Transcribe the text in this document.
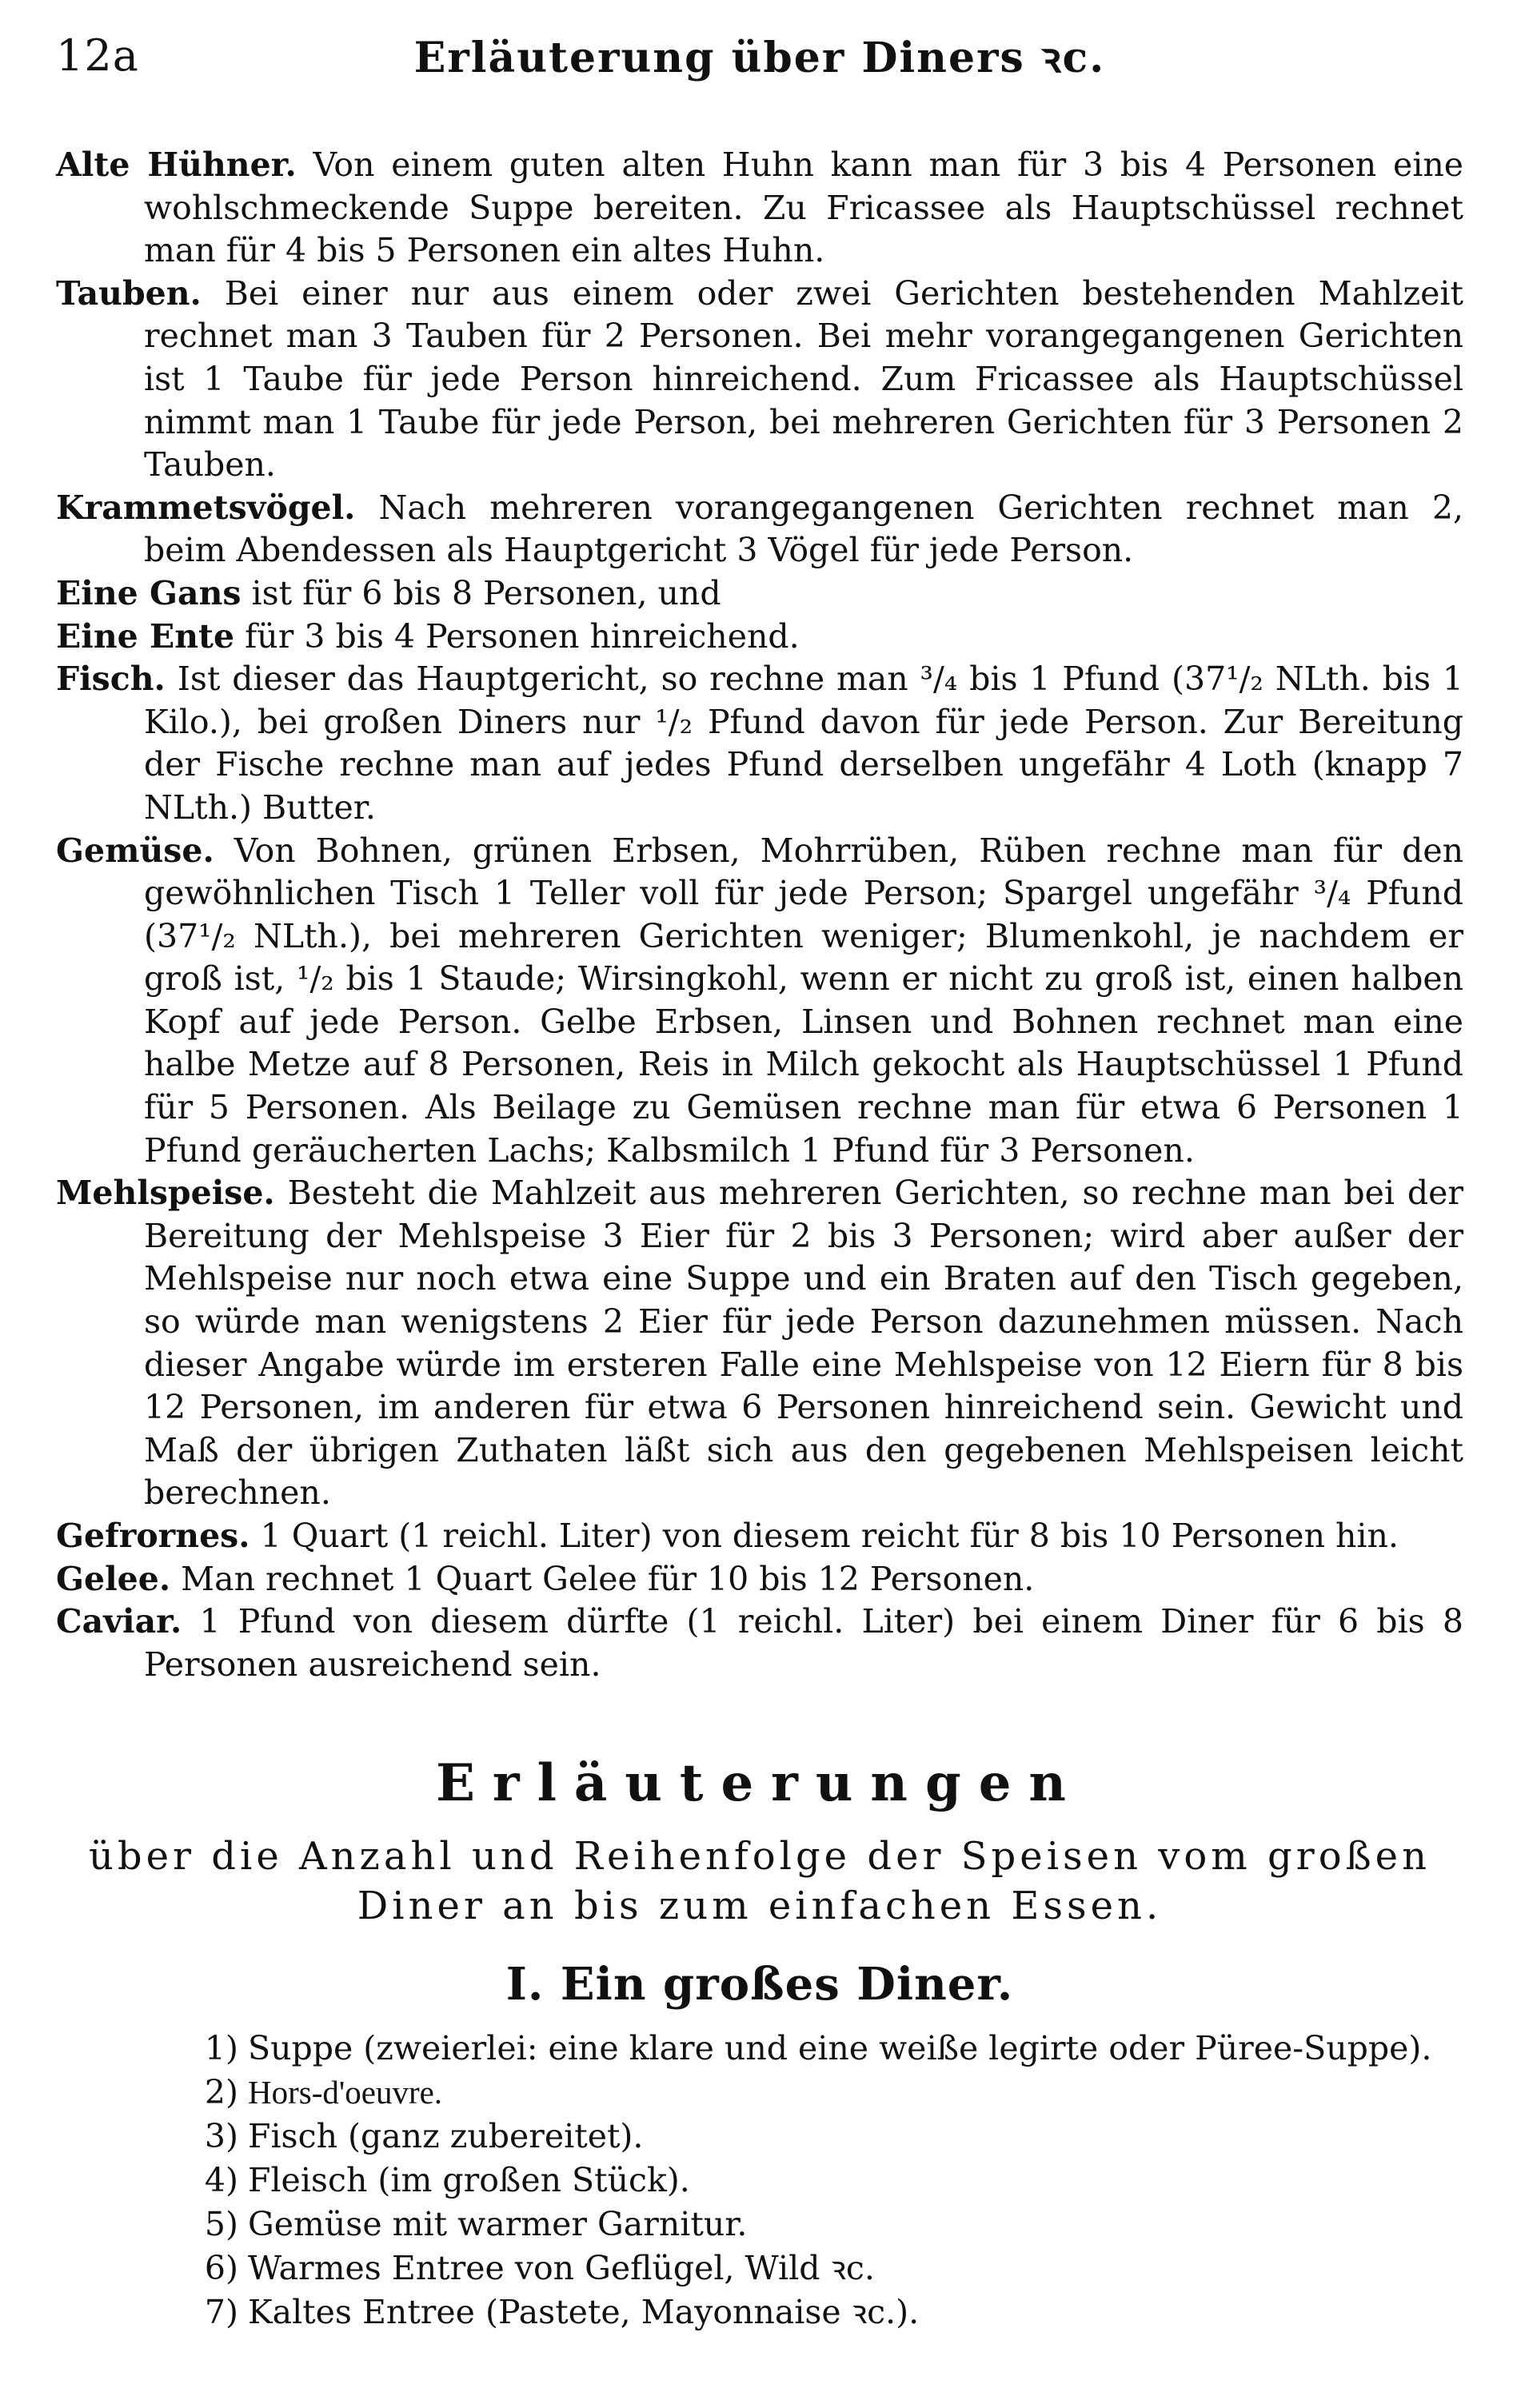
12a	Erläuterung über Diners ꝛc.

Alte Hühner. Von einem guten alten Huhn kann man für 3 bis 4 Personen eine wohlschmeckende Suppe bereiten. Zu Fricassee als Hauptschüssel rechnet man für 4 bis 5 Personen ein altes Huhn.

Tauben. Bei einer nur aus einem oder zwei Gerichten bestehenden Mahlzeit rechnet man 3 Tauben für 2 Personen. Bei mehr vorangegangenen Gerichten ist 1 Taube für jede Person hinreichend. Zum Fricassee als Hauptschüssel nimmt man 1 Taube für jede Person, bei mehreren Gerichten für 3 Personen 2 Tauben.

Krammetsvögel. Nach mehreren vorangegangenen Gerichten rechnet man 2, beim Abendessen als Hauptgericht 3 Vögel für jede Person.

Eine Gans ist für 6 bis 8 Personen, und

Eine Ente für 3 bis 4 Personen hinreichend.

Fisch. Ist dieser das Hauptgericht, so rechne man ³/₄ bis 1 Pfund (37¹/₂ NLth. bis 1 Kilo.), bei großen Diners nur ¹/₂ Pfund davon für jede Person. Zur Bereitung der Fische rechne man auf jedes Pfund derselben ungefähr 4 Loth (knapp 7 NLth.) Butter.

Gemüse. Von Bohnen, grünen Erbsen, Mohrrüben, Rüben rechne man für den gewöhnlichen Tisch 1 Teller voll für jede Person; Spargel ungefähr ³/₄ Pfund (37¹/₂ NLth.), bei mehreren Gerichten weniger; Blumenkohl, je nachdem er groß ist, ¹/₂ bis 1 Staude; Wirsingkohl, wenn er nicht zu groß ist, einen halben Kopf auf jede Person. Gelbe Erbsen, Linsen und Bohnen rechnet man eine halbe Metze auf 8 Personen, Reis in Milch gekocht als Hauptschüssel 1 Pfund für 5 Personen. Als Beilage zu Gemüsen rechne man für etwa 6 Personen 1 Pfund geräucherten Lachs; Kalbsmilch 1 Pfund für 3 Personen.

Mehlspeise. Besteht die Mahlzeit aus mehreren Gerichten, so rechne man bei der Bereitung der Mehlspeise 3 Eier für 2 bis 3 Personen; wird aber außer der Mehlspeise nur noch etwa eine Suppe und ein Braten auf den Tisch gegeben, so würde man wenigstens 2 Eier für jede Person dazunehmen müssen. Nach dieser Angabe würde im ersteren Falle eine Mehlspeise von 12 Eiern für 8 bis 12 Personen, im anderen für etwa 6 Personen hinreichend sein. Gewicht und Maß der übrigen Zuthaten läßt sich aus den gegebenen Mehlspeisen leicht berechnen.

Gefrornes. 1 Quart (1 reichl. Liter) von diesem reicht für 8 bis 10 Personen hin.

Gelee. Man rechnet 1 Quart Gelee für 10 bis 12 Personen.

Caviar. 1 Pfund von diesem dürfte (1 reichl. Liter) bei einem Diner für 6 bis 8 Personen ausreichend sein.

Erläuterungen
über die Anzahl und Reihenfolge der Speisen vom großen Diner an bis zum einfachen Essen.
I. Ein großes Diner.
1) Suppe (zweierlei: eine klare und eine weiße legirte oder Püree-Suppe).
2) Hors-d'oeuvre.
3) Fisch (ganz zubereitet).
4) Fleisch (im großen Stück).
5) Gemüse mit warmer Garnitur.
6) Warmes Entree von Geflügel, Wild ꝛc.
7) Kaltes Entree (Pastete, Mayonnaise ꝛc.).
